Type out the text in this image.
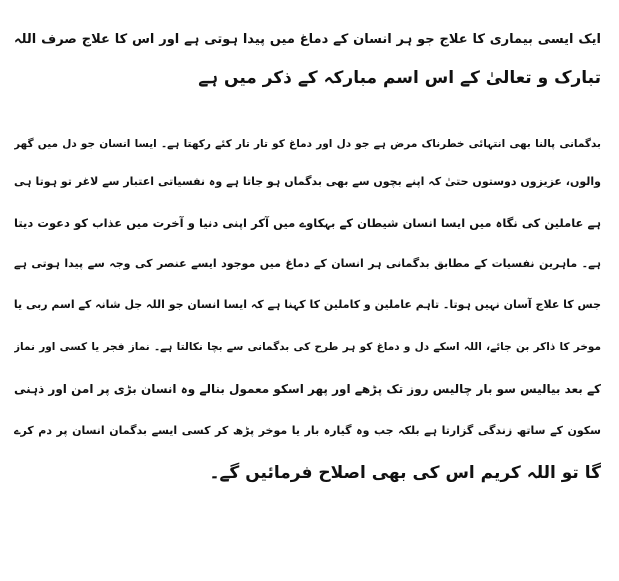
ایک ایسی بیماری کا علاج جو ہر انسان کے دماغ میں پیدا ہوتی ہے اور اس کا علاج صرف اللہ
تبارک و تعالیٰ کے اس اسم مبارکہ کے ذکر میں ہے
بدگمانی پالنا بھی انتہائی خطرناک مرض ہے جو دل اور دماغ کو تار تار کئے رکھتا ہے۔ ایسا انسان جو دل میں گھر
والوں، عزیزوں دوستوں حتیٰ کہ اپنے بچوں سے بھی بدگماں ہو جاتا ہے وہ نفسیاتی اعتبار سے لاغر تو ہوتا ہی
ہے عاملین کی نگاہ میں ایسا انسان شیطان کے بہکاوے میں آکر اپنی دنیا و آخرت میں عذاب کو دعوت دیتا
ہے۔ ماہرین نفسیات کے مطابق بدگمانی ہر انسان کے دماغ میں موجود ایسے عنصر کی وجہ سے پیدا ہوتی ہے
جس کا علاج آسان نہیں ہوتا۔ تاہم عاملین و کاملین کا کہنا ہے کہ ایسا انسان جو اللہ جل شانہ کے اسم ربی یا
موخر کا ذاکر بن جائے، اللہ اسکے دل و دماغ کو ہر طرح کی بدگمانی سے بچا نکالتا ہے۔ نماز فجر یا کسی اور نماز
کے بعد بیالیس سو بار چالیس روز تک پڑھے اور پھر اسکو معمول بنالے وہ انسان بڑی پر امن اور ذہنی
سکون کے ساتھ زندگی گزارتا ہے بلکہ جب وہ گیارہ بار یا موخر پڑھ کر کسی ایسے بدگمان انسان پر دم کرے
گا تو اللہ کریم اس کی بھی اصلاح فرمائیں گے۔
